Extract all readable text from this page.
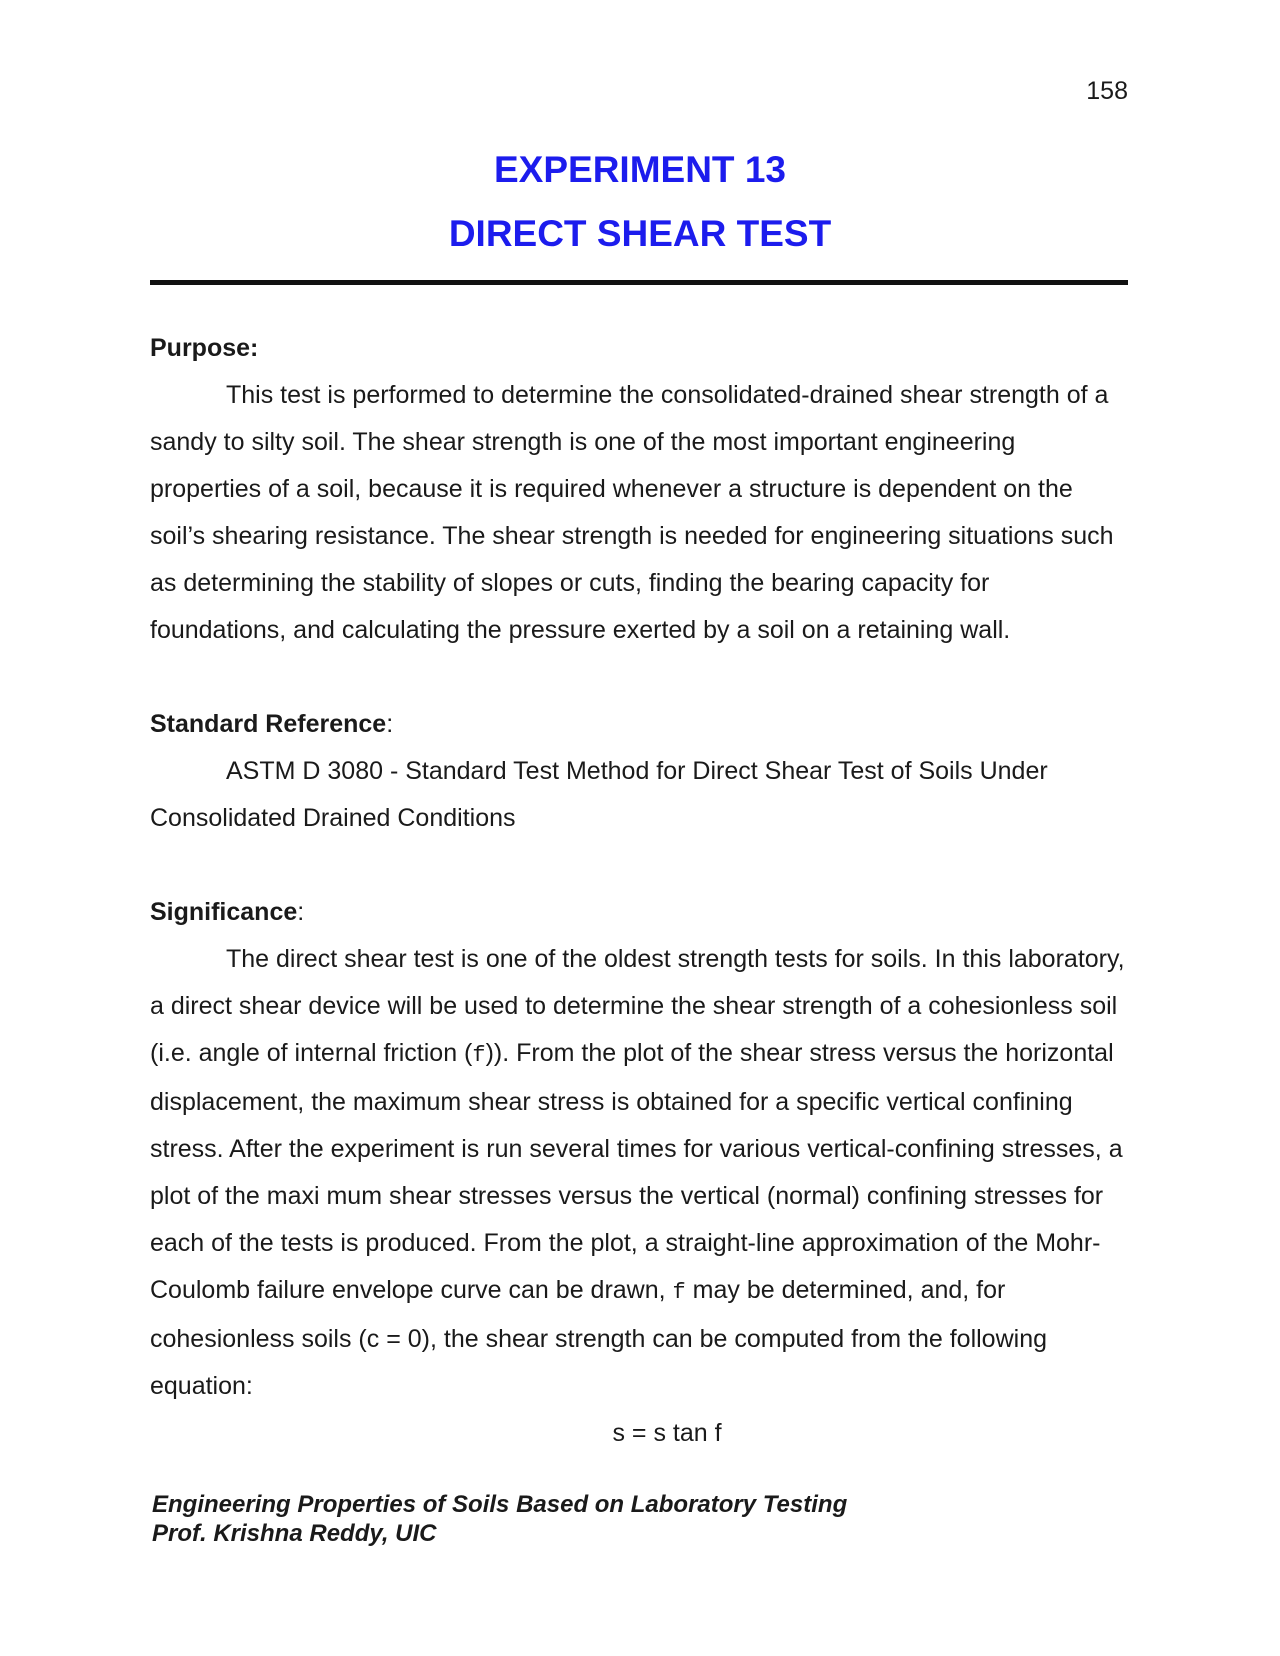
158
EXPERIMENT 13
DIRECT SHEAR TEST

Purpose:

This test is performed to determine the consolidated-drained shear strength of a sandy to silty soil. The shear strength is one of the most important engineering properties of a soil, because it is required whenever a structure is dependent on the soil’s shearing resistance. The shear strength is needed for engineering situations such as determining the stability of slopes or cuts, finding the bearing capacity for foundations, and calculating the pressure exerted by a soil on a retaining wall.

Standard Reference:

ASTM D 3080 - Standard Test Method for Direct Shear Test of Soils Under Consolidated Drained Conditions

Significance:

The direct shear test is one of the oldest strength tests for soils. In this laboratory, a direct shear device will be used to determine the shear strength of a cohesionless soil (i.e. angle of internal friction (f)). From the plot of the shear stress versus the horizontal displacement, the maximum shear stress is obtained for a specific vertical confining stress. After the experiment is run several times for various vertical-confining stresses, a plot of the maxi mum shear stresses versus the vertical (normal) confining stresses for each of the tests is produced. From the plot, a straight-line approximation of the Mohr-Coulomb failure envelope curve can be drawn, f may be determined, and, for cohesionless soils (c = 0), the shear strength can be computed from the following equation:

s = s tan f

Engineering Properties of Soils Based on Laboratory Testing
Prof. Krishna Reddy, UIC
